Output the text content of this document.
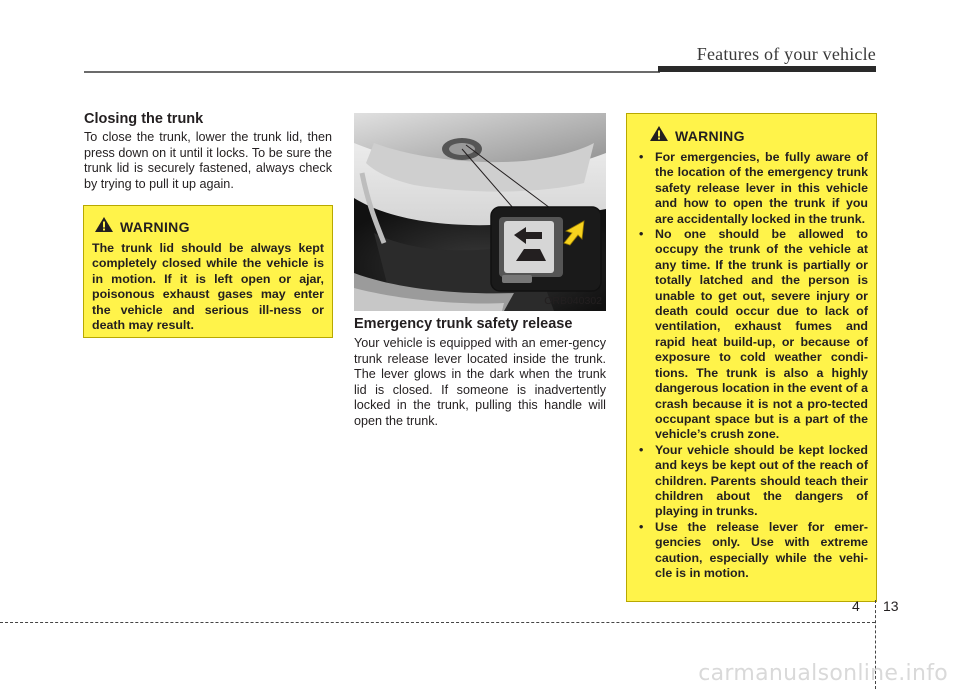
Features of your vehicle
Closing the trunk
To close the trunk, lower the trunk lid, then press down on it until it locks. To be sure the trunk lid is securely fastened, always check by trying to pull it up again.
WARNING
The trunk lid should be always kept completely closed while the vehicle is in motion. If it is left open or ajar, poisonous exhaust gases may enter the vehicle and serious ill-ness or death may result.
ORB040302
Emergency trunk safety release
Your vehicle is equipped with an emer-gency trunk release lever located inside the trunk. The lever glows in the dark when the trunk lid is closed. If someone is inadvertently locked in the trunk, pulling this handle will open the trunk.
WARNING
• For emergencies, be fully aware of the location of the emergency trunk safety release lever in this vehicle and how to open the trunk if you are accidentally locked in the trunk.
• No one should be allowed to occupy the trunk of the vehicle at any time. If the trunk is partially or totally latched and the person is unable to get out, severe injury or death could occur due to lack of ventilation, exhaust fumes and rapid heat build-up, or because of exposure to cold weather condi-tions. The trunk is also a highly dangerous location in the event of a crash because it is not a pro-tected occupant space but is a part of the vehicle’s crush zone.
• Your vehicle should be kept locked and keys be kept out of the reach of children. Parents should teach their children about the dangers of playing in trunks.
• Use the release lever for emer-gencies only. Use with extreme caution, especially while the vehi-cle is in motion.
4 13
carmanualsonline.info
